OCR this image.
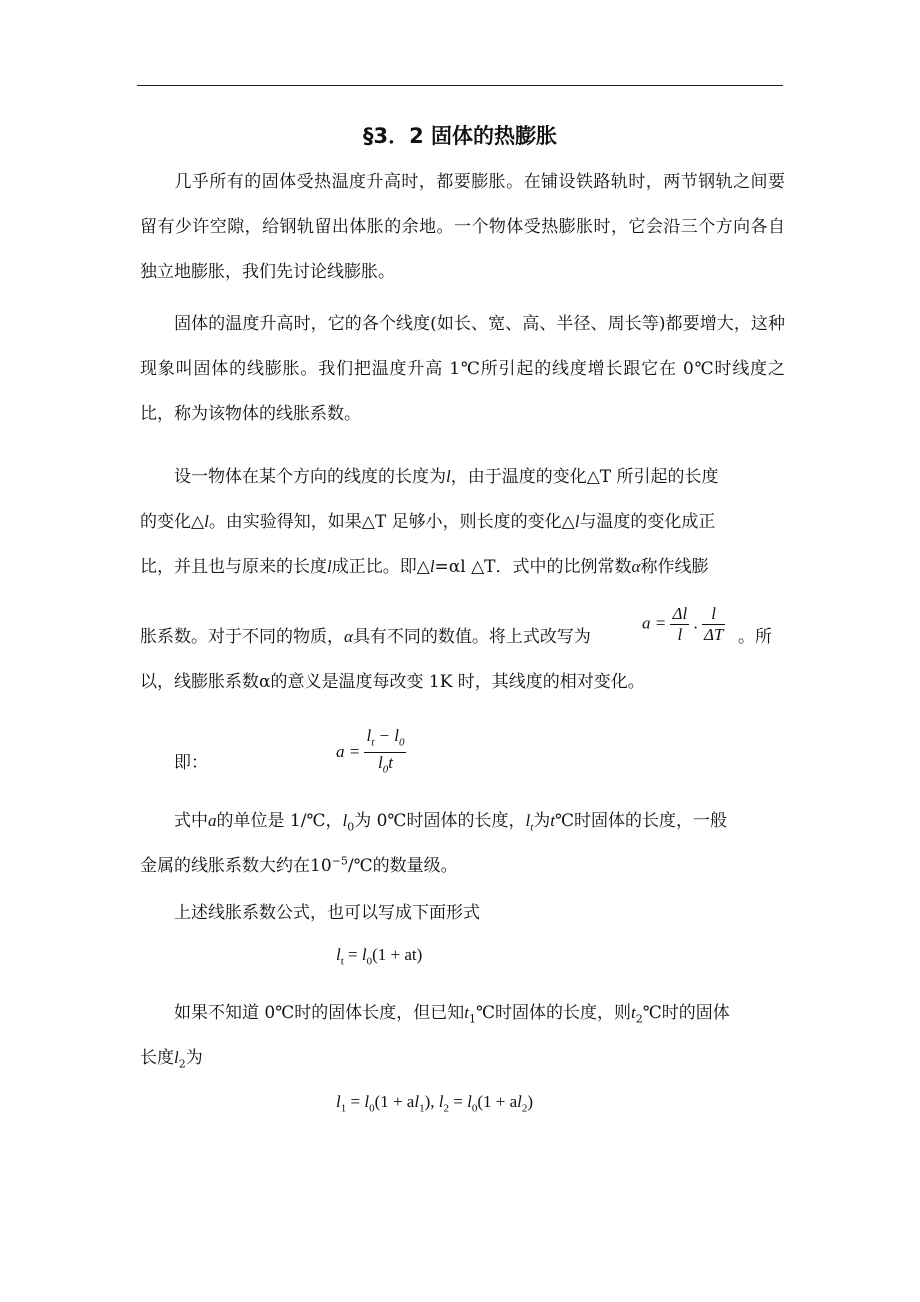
§3．2 固体的热膨胀
几乎所有的固体受热温度升高时，都要膨胀。在铺设铁路轨时，两节钢轨之间要留有少许空隙，给钢轨留出体胀的余地。一个物体受热膨胀时，它会沿三个方向各自独立地膨胀，我们先讨论线膨胀。
固体的温度升高时，它的各个线度(如长、宽、高、半径、周长等)都要增大，这种现象叫固体的线膨胀。我们把温度升高 1℃所引起的线度增长跟它在 0℃时线度之比，称为该物体的线胀系数。
设一物体在某个方向的线度的长度为l，由于温度的变化△T 所引起的长度
的变化△l。由实验得知，如果△T 足够小，则长度的变化△l与温度的变化成正
比，并且也与原来的长度l成正比。即△l=αl △T．式中的比例常数α称作线膨
胀系数。对于不同的物质，α具有不同的数值。将上式改写为
$a = \frac{\Delta l}{l}$ . $\frac{l}{\Delta T}$ 。所
以，线膨胀系数α的意义是温度每改变 1K 时，其线度的相对变化。
即：
$a = \frac{l_t - l_0}{l_0t}$
式中a的单位是 1/℃，$l_0$为 0℃时固体的长度，$l_t$为t℃时固体的长度，一般
金属的线胀系数大约在$10^{-5}/℃$的数量级。
上述线胀系数公式，也可以写成下面形式
$l_t = l_0(1 + at)$
如果不知道 0℃时的固体长度，但已知$t_1℃$时固体的长度，则$t_2℃$时的固体
长度$l_2$为
$l_1 = l_0(1 + al_1)$, $l_2 = l_0(1 + al_2)$
